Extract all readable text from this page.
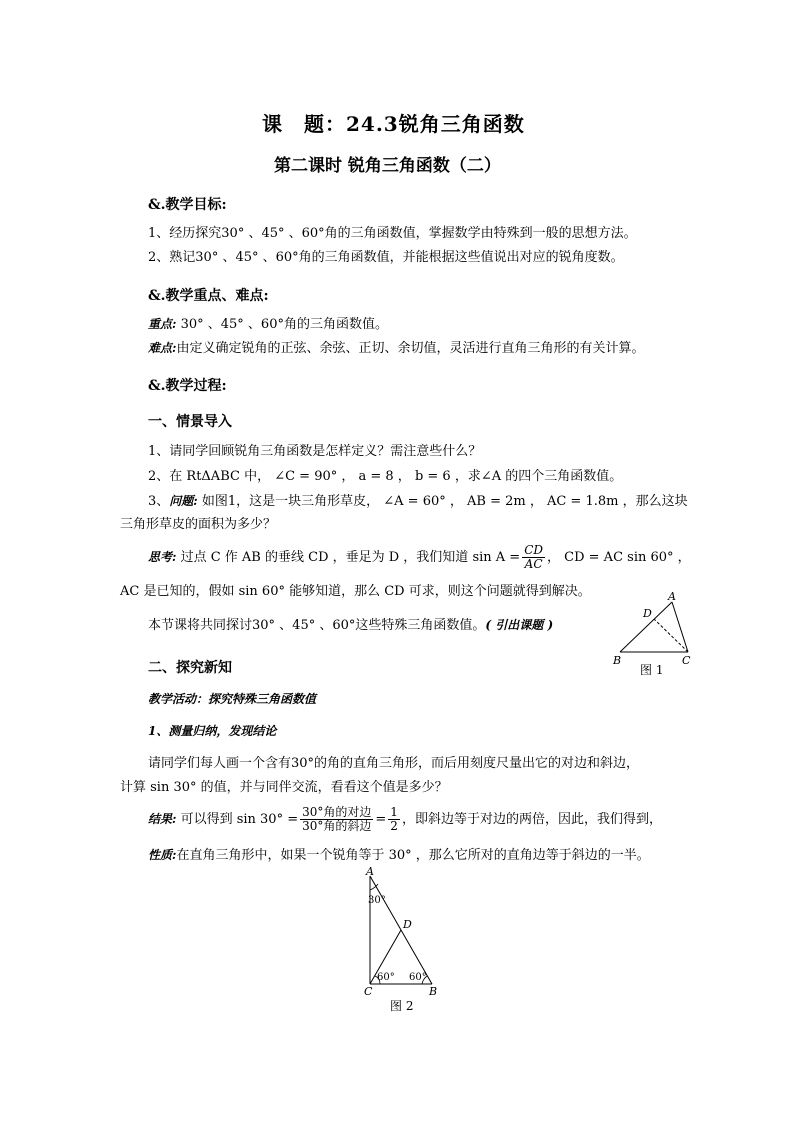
课　题：24.3锐角三角函数
第二课时 锐角三角函数（二）
&.教学目标:
1、经历探究30° 、45° 、60°角的三角函数值，掌握数学由特殊到一般的思想方法。
2、熟记30° 、45° 、60°角的三角函数值，并能根据这些值说出对应的锐角度数。
&.教学重点、难点:
重点: 30° 、45° 、60°角的三角函数值。
难点:由定义确定锐角的正弦、余弦、正切、余切值，灵活进行直角三角形的有关计算。
&.教学过程:
一、情景导入
1、请同学回顾锐角三角函数是怎样定义？需注意些什么？
2、在 RtΔABC 中， ∠C = 90° ， a = 8 ， b = 6 ，求∠A 的四个三角函数值。
3、问题: 如图1，这是一块三角形草皮， ∠A = 60° ， AB = 2m ， AC = 1.8m ，那么这块
三角形草皮的面积为多少？
思考: 过点 C 作 AB 的垂线 CD ，垂足为 D ，我们知道 $\sin A = \frac{CD}{AC}$ ， CD = AC sin 60° ，
AC 是已知的，假如 sin 60° 能够知道，那么 CD 可求，则这个问题就得到解决。
本节课将共同探讨30° 、45° 、60°这些特殊三角函数值。( 引出课题 )
A
D
B	C
图 1
二、探究新知
教学活动：探究特殊三角函数值
1、测量归纳，发现结论
请同学们每人画一个含有30°的角的直角三角形，而后用刻度尺量出它的对边和斜边，
计算 sin 30° 的值，并与同伴交流，看看这个值是多少？
结果: 可以得到 $\sin 30^\circ = \frac{\text{30°角的对边}}{\text{30°角的斜边}} = \frac{1}{2}$ ，即斜边等于对边的两倍，因此，我们得到，
性质:在直角三角形中，如果一个锐角等于 30° ，那么它所对的直角边等于斜边的一半。
A
D
C	B
30°
60° 60°
图 2
